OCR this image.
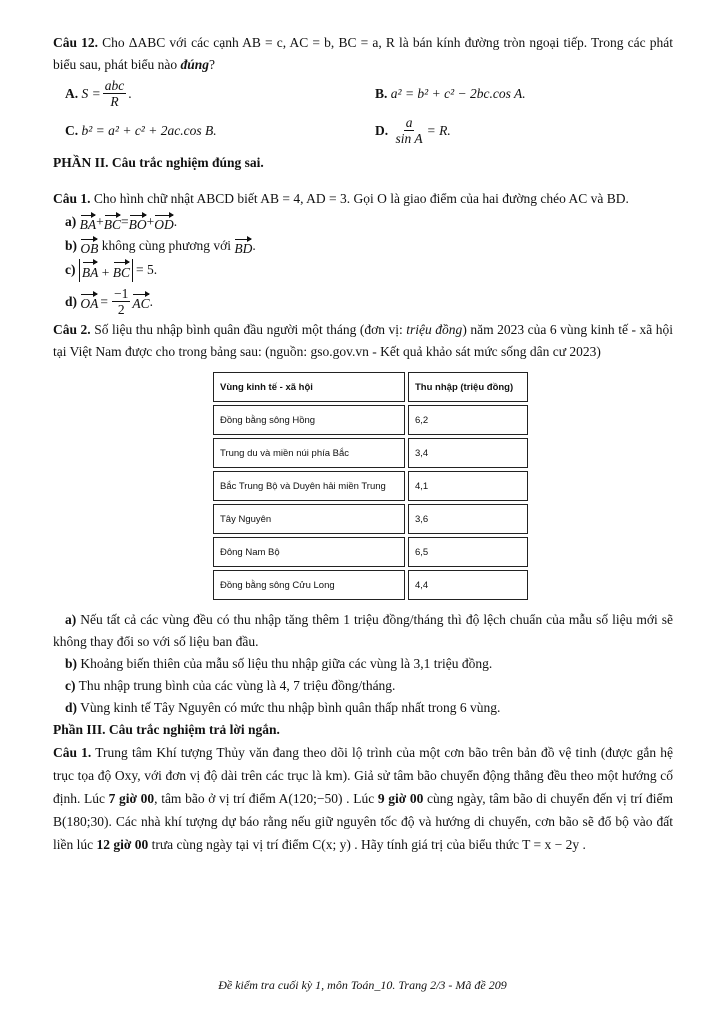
Câu 12. Cho ΔABC với các cạnh AB = c, AC = b, BC = a, R là bán kính đường tròn ngoại tiếp. Trong các phát biểu sau, phát biểu nào đúng?

A.
$S = \frac{\text{abc}}{R}$ .	B.
a² = b² + c² − 2bc.cos A.
C.
b² = a² + c² + 2ac.cos B.	D.
$\frac{a}{\text{sin A}} = R$.

PHẦN II. Câu trắc nghiệm đúng sai.

Câu 1. Cho hình chữ nhật ABCD biết AB = 4, AD = 3. Gọi O là giao điểm của hai đường chéo AC và BD.

a)
BA + BC = BO + OD .
b)
OB không cùng phương với BD .
c)
BA + BC = 5.
d)
OA = $\frac{-1}{2}$ AC .

Câu 2. Số liệu thu nhập bình quân đầu người một tháng (đơn vị: triệu đồng) năm 2023 của 6 vùng kinh tế - xã hội tại Việt Nam được cho trong bảng sau: (nguồn: gso.gov.vn - Kết quả khảo sát mức sống dân cư 2023)

Vùng kinh tế - xã hội	Thu nhập (triệu đồng)
Đồng bằng sông Hồng	6,2
Trung du và miền núi phía Bắc	3,4
Bắc Trung Bộ và Duyên hải miền Trung	4,1
Tây Nguyên	3,6
Đông Nam Bộ	6,5
Đồng bằng sông Cửu Long	4,4

a) Nếu tất cả các vùng đều có thu nhập tăng thêm 1 triệu đồng/tháng thì độ lệch chuẩn của mẫu số liệu mới sẽ không thay đổi so với số liệu ban đầu.

b) Khoảng biến thiên của mẫu số liệu thu nhập giữa các vùng là 3,1 triệu đồng.

c) Thu nhập trung bình của các vùng là 4, 7 triệu đồng/tháng.

d) Vùng kinh tế Tây Nguyên có mức thu nhập bình quân thấp nhất trong 6 vùng.

Phần III. Câu trắc nghiệm trả lời ngắn.

Câu 1. Trung tâm Khí tượng Thủy văn đang theo dõi lộ trình của một cơn bão trên bản đồ vệ tinh (được gắn hệ trục tọa độ Oxy, với đơn vị độ dài trên các trục là km). Giả sử tâm bão chuyển động thẳng đều theo một hướng cố định. Lúc 7 giờ 00, tâm bão ở vị trí điểm A(120;−50) . Lúc 9 giờ 00 cùng ngày, tâm bão di chuyển đến vị trí điểm B(180;30). Các nhà khí tượng dự báo rằng nếu giữ nguyên tốc độ và hướng di chuyển, cơn bão sẽ đổ bộ vào đất liền lúc 12 giờ 00 trưa cùng ngày tại vị trí điểm C(x; y) . Hãy tính giá trị của biểu thức T = x − 2y .

Đề kiểm tra cuối kỳ 1, môn Toán_10. Trang 2/3 - Mã đề 209
